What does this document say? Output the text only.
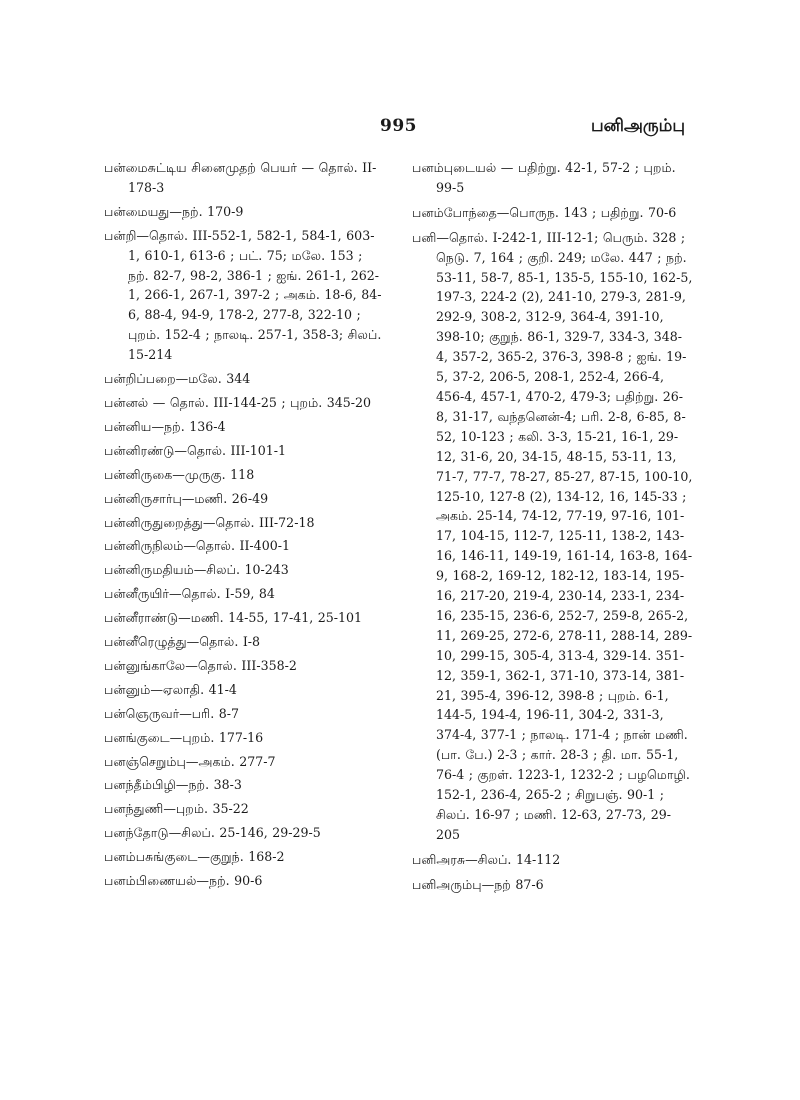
995	பனிஅரும்பு
பன்மைசுட்டிய சினைமுதற் பெயர் — தொல். II-178-3
பன்மையது—நற். 170-9
பன்றி—தொல். III-552-1, 582-1, 584-1, 603-1, 610-1, 613-6 ; பட். 75; மலே. 153 ; நற். 82-7, 98-2, 386-1 ; ஐங். 261-1, 262-1, 266-1, 267-1, 397-2 ; அகம். 18-6, 84-6, 88-4, 94-9, 178-2, 277-8, 322-10 ; புறம். 152-4 ; நாலடி. 257-1, 358-3; சிலப். 15-214
பன்றிப்பறை—மலே. 344
பன்னல் — தொல். III-144-25 ; புறம். 345-20
பன்னிய—நற். 136-4
பன்னிரண்டு—தொல். III-101-1
பன்னிருகை—முருகு. 118
பன்னிருசார்பு—மணி. 26-49
பன்னிருதுறைத்து—தொல். III-72-18
பன்னிருநிலம்—தொல். II-400-1
பன்னிருமதியம்—சிலப். 10-243
பன்னீருயிர்—தொல். I-59, 84
பன்னீராண்டு—மணி. 14-55, 17-41, 25-101
பன்னீரெழுத்து—தொல். I-8
பன்னுங்காலே—தொல். III-358-2
பன்னும்—ஏலாதி. 41-4
பன்ஞெருவர்—பரி. 8-7
பனங்குடை—புறம். 177-16
பனஞ்செறும்பு—அகம். 277-7
பனந்தீம்பிழி—நற். 38-3
பனந்துணி—புறம். 35-22
பனந்தோடு—சிலப். 25-146, 29-29-5
பனம்பசுங்குடை—குறுந். 168-2
பனம்பிணையல்—நற். 90-6
பனம்புடையல் — பதிற்று. 42-1, 57-2 ; புறம். 99-5
பனம்போந்தை—பொருந. 143 ; பதிற்று. 70-6
பனி—தொல். I-242-1, III-12-1; பெரும். 328 ; நெடு. 7, 164 ; குறி. 249; மலே. 447 ; நற். 53-11, 58-7, 85-1, 135-5, 155-10, 162-5, 197-3, 224-2 (2), 241-10, 279-3, 281-9, 292-9, 308-2, 312-9, 364-4, 391-10, 398-10; குறுந். 86-1, 329-7, 334-3, 348-4, 357-2, 365-2, 376-3, 398-8 ; ஐங். 19-5, 37-2, 206-5, 208-1, 252-4, 266-4, 456-4, 457-1, 470-2, 479-3; பதிற்று. 26-8, 31-17, வந்தனென்-4; பரி. 2-8, 6-85, 8-52, 10-123 ; கலி. 3-3, 15-21, 16-1, 29-12, 31-6, 20, 34-15, 48-15, 53-11, 13, 71-7, 77-7, 78-27, 85-27, 87-15, 100-10, 125-10, 127-8 (2), 134-12, 16, 145-33 ; அகம். 25-14, 74-12, 77-19, 97-16, 101-17, 104-15, 112-7, 125-11, 138-2, 143-16, 146-11, 149-19, 161-14, 163-8, 164-9, 168-2, 169-12, 182-12, 183-14, 195-16, 217-20, 219-4, 230-14, 233-1, 234-16, 235-15, 236-6, 252-7, 259-8, 265-2, 11, 269-25, 272-6, 278-11, 288-14, 289-10, 299-15, 305-4, 313-4, 329-14. 351-12, 359-1, 362-1, 371-10, 373-14, 381-21, 395-4, 396-12, 398-8 ; புறம். 6-1, 144-5, 194-4, 196-11, 304-2, 331-3, 374-4, 377-1 ; நாலடி. 171-4 ; நான் மணி. (பா. பே.) 2-3 ; கார். 28-3 ; தி. மா. 55-1, 76-4 ; குறள். 1223-1, 1232-2 ; பழமொழி. 152-1, 236-4, 265-2 ; சிறுபஞ். 90-1 ; சிலப். 16-97 ; மணி. 12-63, 27-73, 29-205
பனிஅரசு—சிலப். 14-112
பனிஅரும்பு—நற் 87-6
